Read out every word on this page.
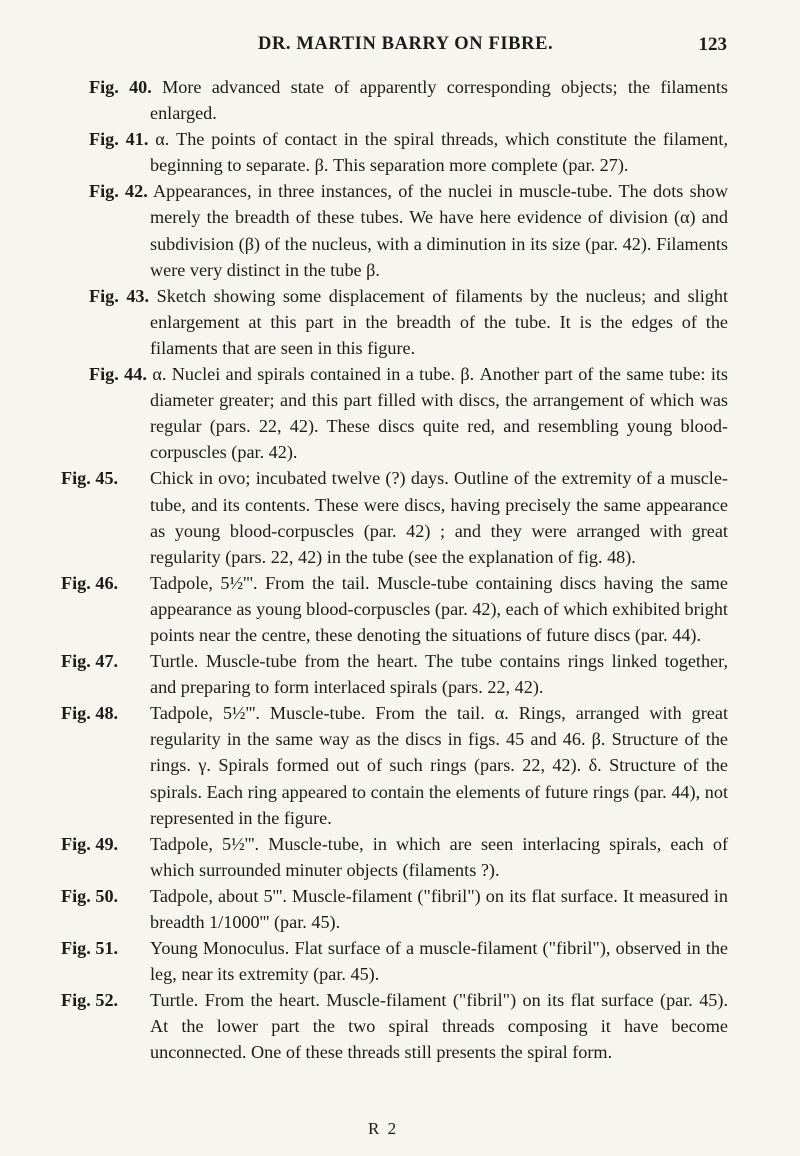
DR. MARTIN BARRY ON FIBRE.	123

Fig. 40. More advanced state of apparently corresponding objects; the filaments enlarged.

Fig. 41. α. The points of contact in the spiral threads, which constitute the filament, beginning to separate. β. This separation more complete (par. 27).

Fig. 42. Appearances, in three instances, of the nuclei in muscle-tube. The dots show merely the breadth of these tubes. We have here evidence of division (α) and subdivision (β) of the nucleus, with a diminution in its size (par. 42). Filaments were very distinct in the tube β.

Fig. 43. Sketch showing some displacement of filaments by the nucleus; and slight enlargement at this part in the breadth of the tube. It is the edges of the filaments that are seen in this figure.

Fig. 44. α. Nuclei and spirals contained in a tube. β. Another part of the same tube: its diameter greater; and this part filled with discs, the arrangement of which was regular (pars. 22, 42). These discs quite red, and resembling young blood-corpuscles (par. 42).

Fig. 45. Chick in ovo; incubated twelve (?) days. Outline of the extremity of a muscle-tube, and its contents. These were discs, having precisely the same appearance as young blood-corpuscles (par. 42) ; and they were arranged with great regularity (pars. 22, 42) in the tube (see the explanation of fig. 48).

Fig. 46. Tadpole, 5½'''. From the tail. Muscle-tube containing discs having the same appearance as young blood-corpuscles (par. 42), each of which exhibited bright points near the centre, these denoting the situations of future discs (par. 44).

Fig. 47. Turtle. Muscle-tube from the heart. The tube contains rings linked together, and preparing to form interlaced spirals (pars. 22, 42).

Fig. 48. Tadpole, 5½'''. Muscle-tube. From the tail. α. Rings, arranged with great regularity in the same way as the discs in figs. 45 and 46. β. Structure of the rings. γ. Spirals formed out of such rings (pars. 22, 42). δ. Structure of the spirals. Each ring appeared to contain the elements of future rings (par. 44), not represented in the figure.

Fig. 49. Tadpole, 5½'''. Muscle-tube, in which are seen interlacing spirals, each of which surrounded minuter objects (filaments ?).

Fig. 50. Tadpole, about 5'''. Muscle-filament ("fibril") on its flat surface. It measured in breadth 1/1000''' (par. 45).

Fig. 51. Young Monoculus. Flat surface of a muscle-filament ("fibril"), observed in the leg, near its extremity (par. 45).

Fig. 52. Turtle. From the heart. Muscle-filament ("fibril") on its flat surface (par. 45). At the lower part the two spiral threads composing it have become unconnected. One of these threads still presents the spiral form.

R 2
